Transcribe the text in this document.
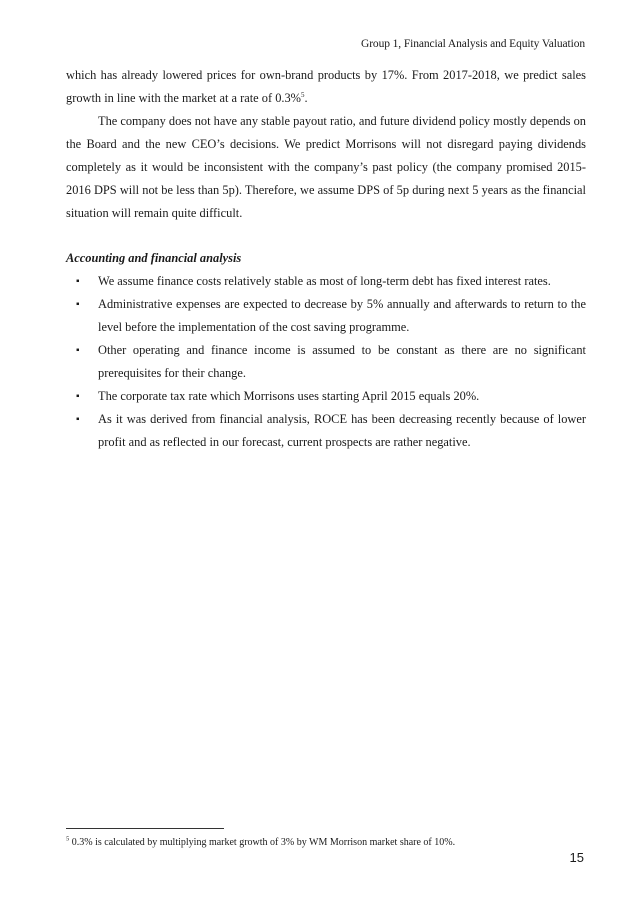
Group 1, Financial Analysis and Equity Valuation

which has already lowered prices for own-brand products by 17%. From 2017-2018, we predict sales growth in line with the market at a rate of 0.3%$^5$.

The company does not have any stable payout ratio, and future dividend policy mostly depends on the Board and the new CEO’s decisions. We predict Morrisons will not disregard paying dividends completely as it would be inconsistent with the company’s past policy (the company promised 2015-2016 DPS will not be less than 5p). Therefore, we assume DPS of 5p during next 5 years as the financial situation will remain quite difficult.

Accounting and financial analysis
▪ We assume finance costs relatively stable as most of long-term debt has fixed interest rates.
▪ Administrative expenses are expected to decrease by 5% annually and afterwards to return to the level before the implementation of the cost saving programme.
▪ Other operating and finance income is assumed to be constant as there are no significant prerequisites for their change.
▪ The corporate tax rate which Morrisons uses starting April 2015 equals 20%.
▪ As it was derived from financial analysis, ROCE has been decreasing recently because of lower profit and as reflected in our forecast, current prospects are rather negative.
$^5$ 0.3% is calculated by multiplying market growth of 3% by WM Morrison market share of 10%.
15
